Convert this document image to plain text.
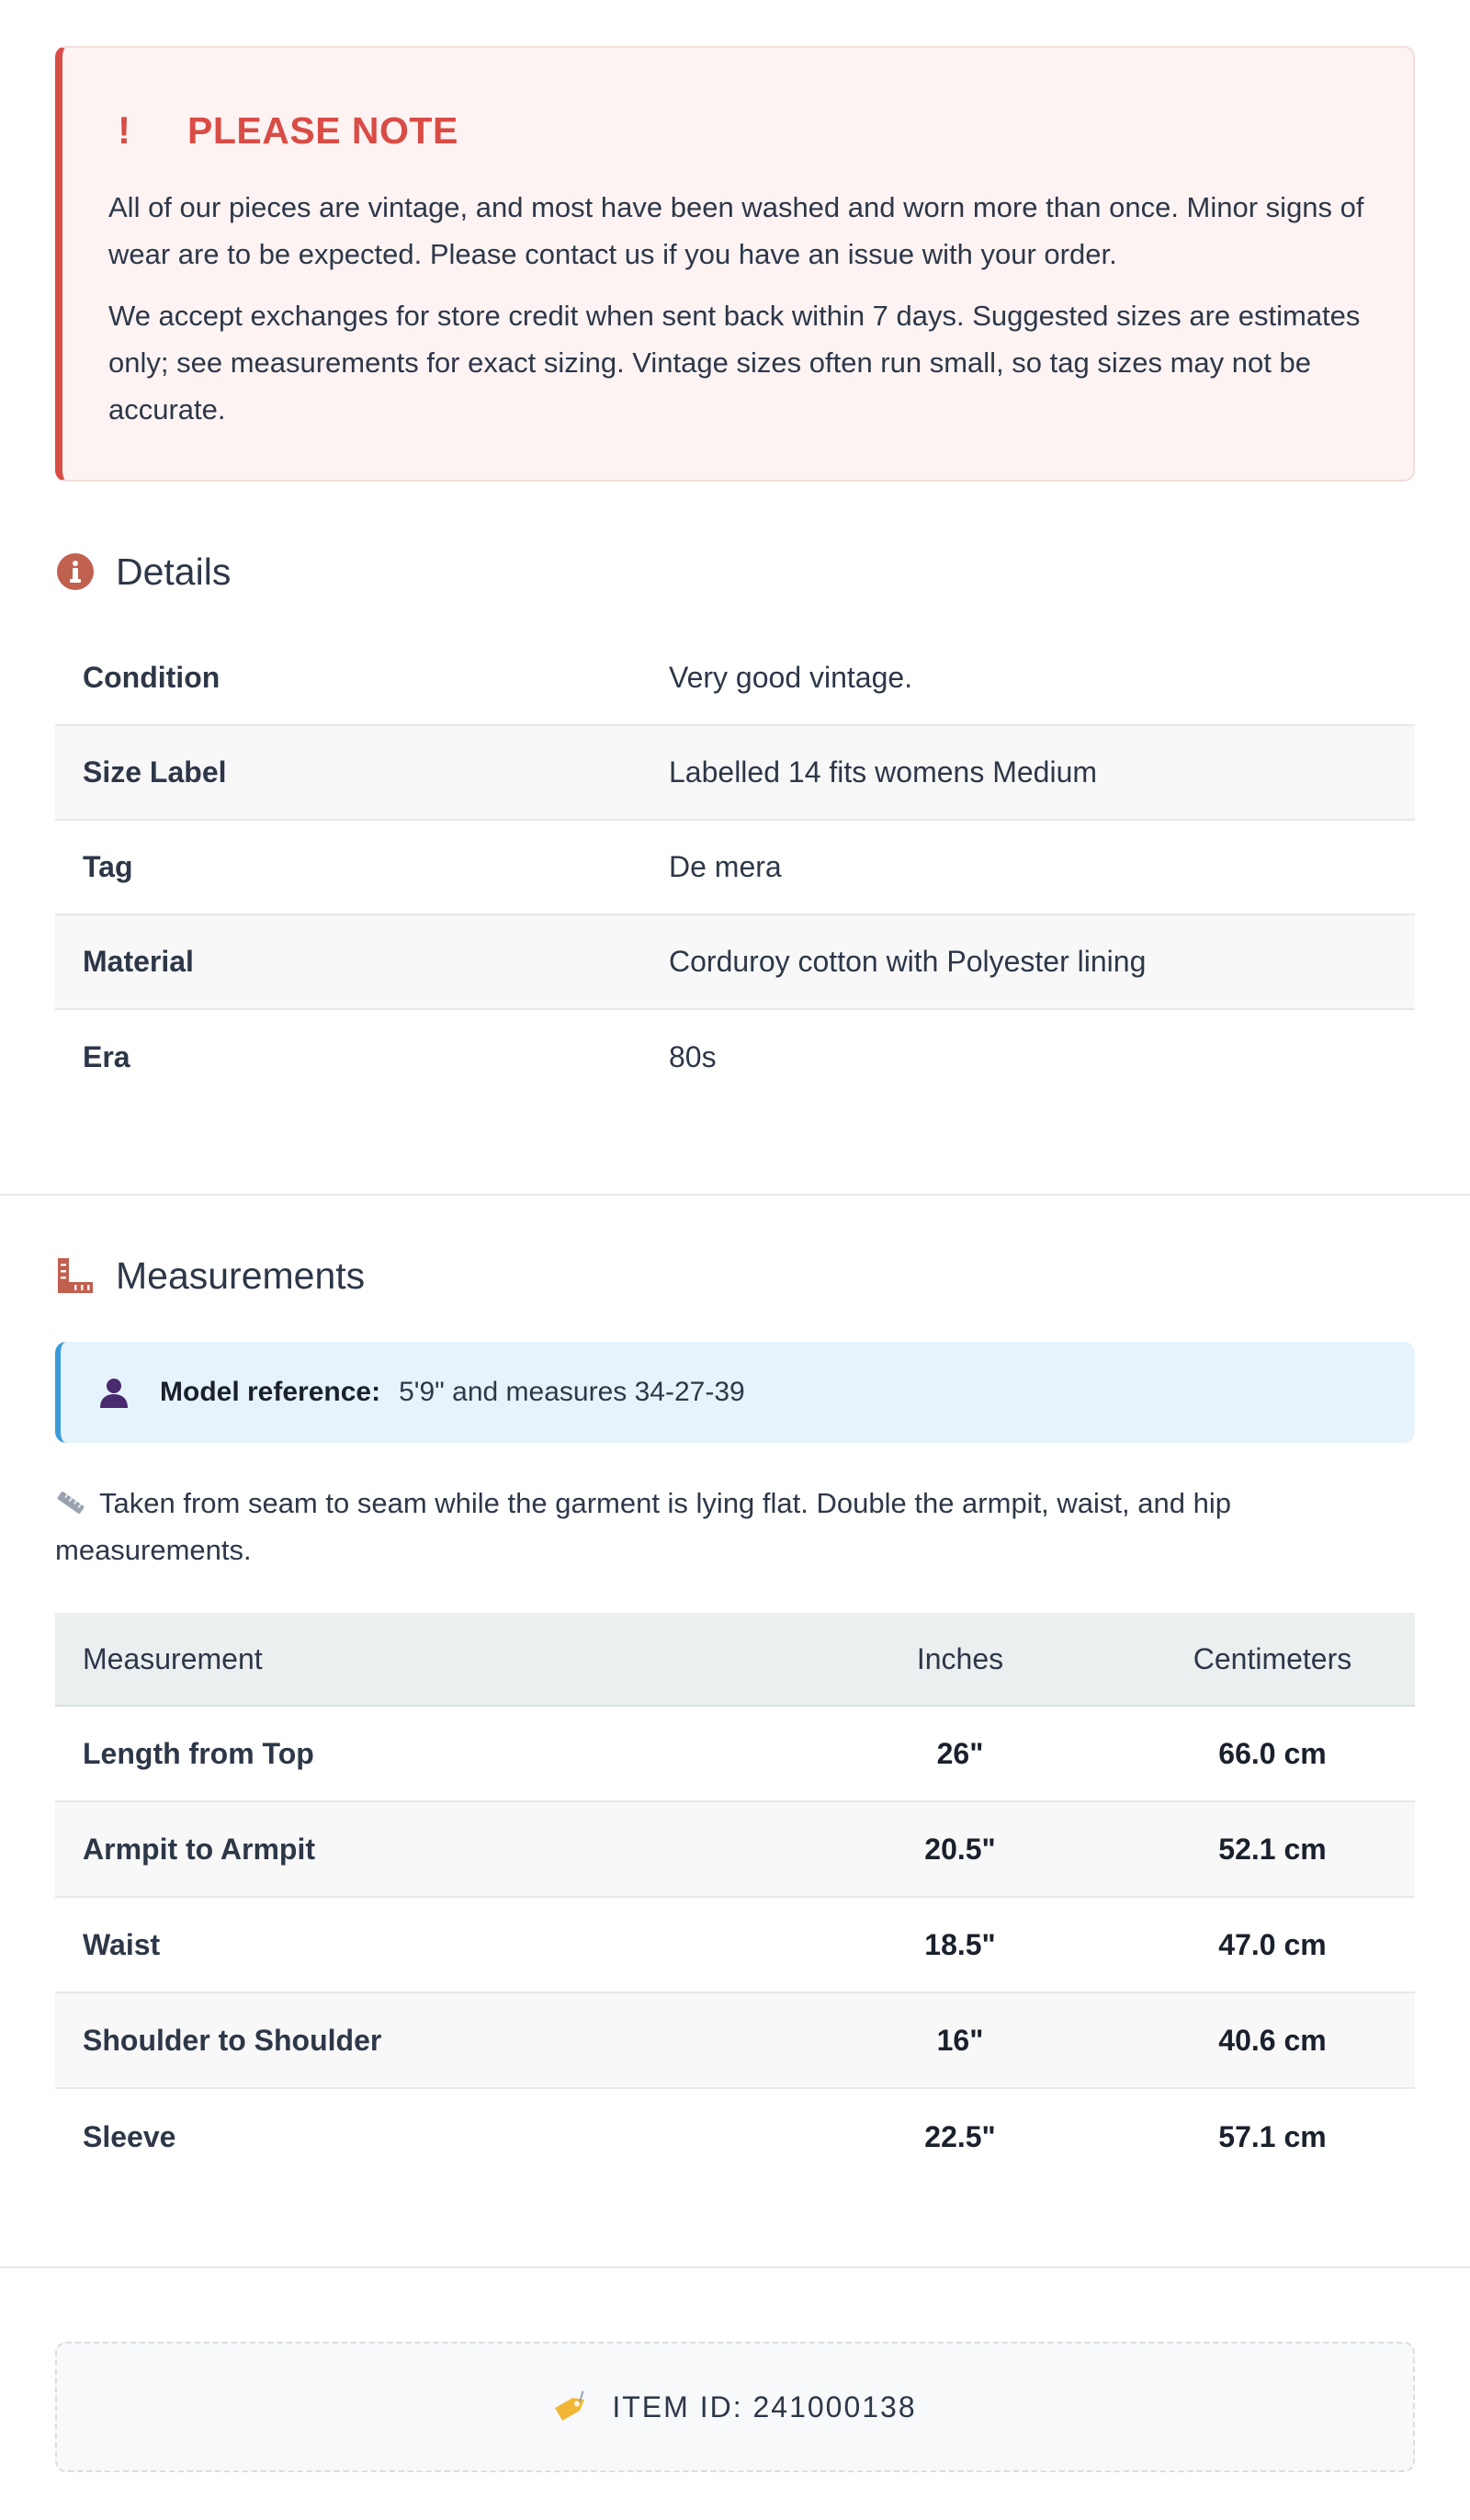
!	PLEASE NOTE

All of our pieces are vintage, and most have been washed and worn more than once. Minor signs of wear are to be expected. Please contact us if you have an issue with your order.

We accept exchanges for store credit when sent back within 7 days. Suggested sizes are estimates only; see measurements for exact sizing. Vintage sizes often run small, so tag sizes may not be accurate.

Details
Condition	Very good vintage.
Size Label	Labelled 14 fits womens Medium
Tag	De mera
Material	Corduroy cotton with Polyester lining
Era	80s
Measurements
Model reference: 5'9" and measures 34-27-39
Taken from seam to seam while the garment is lying flat. Double the armpit, waist, and hip measurements.
Measurement	Inches	Centimeters
Length from Top	26"	66.0 cm
Armpit to Armpit	20.5"	52.1 cm
Waist	18.5"	47.0 cm
Shoulder to Shoulder	16"	40.6 cm
Sleeve	22.5"	57.1 cm
ITEM ID: 241000138
